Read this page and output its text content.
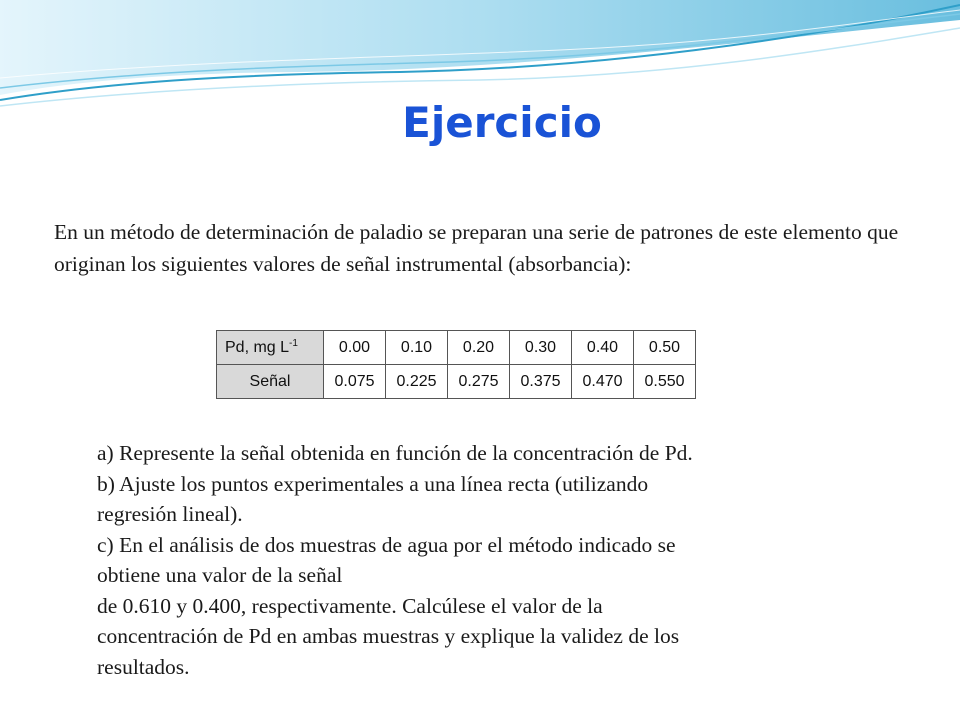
Ejercicio

En un método de determinación de paladio se preparan una serie de patrones de este elemento que originan los siguientes valores de señal instrumental (absorbancia):

Pd, mg $L^{-1}$	0.00	0.10	0.20	0.30	0.40	0.50
Señal	0.075	0.225	0.275	0.375	0.470	0.550
a) Represente la señal obtenida en función de la concentración de Pd.
b) Ajuste los puntos experimentales a una línea recta (utilizando
regresión lineal).
c) En el análisis de dos muestras de agua por el método indicado se
obtiene una valor de la señal
de 0.610 y 0.400, respectivamente. Calcúlese el valor de la
concentración de Pd en ambas muestras y explique la validez de los
resultados.
